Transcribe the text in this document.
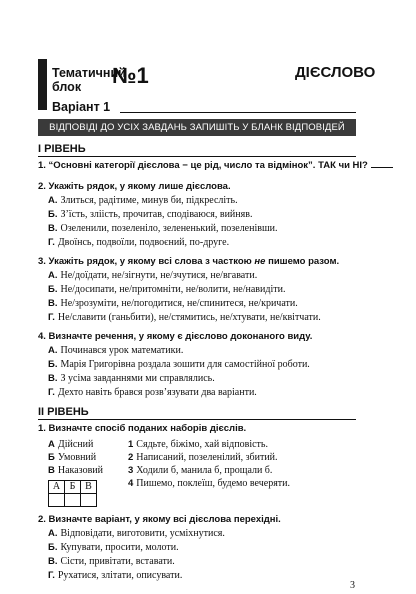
Тематичний
блок	№1	ДІЄСЛОВО
Варіант 1
ВІДПОВІДІ ДО УСІХ ЗАВДАНЬ ЗАПИШІТЬ У БЛАНК ВІДПОВІДЕЙ
І РІВЕНЬ
1. “Основні категорії дієслова − це рід, число та відмінок”. ТАК чи НІ?
2. Укажіть рядок, у якому лише дієслова.
А. Злиться, радітиме, минув би, підкресліть.
Б. З’їсть, зліість, прочитав, сподіваюся, вийняв.
В. Озеленили, позеленіло, зелененький, позеленівши.
Г. Двоїнсь, подвоїли, подвоєний, по-друге.
3. Укажіть рядок, у якому всі слова з часткою не пишемо разом.
А. Не/доїдати, не/зігнути, не/зчутися, не/вгавати.
Б. Не/досипати, не/притомніти, не/волити, не/навидіти.
В. Не/зрозуміти, не/погодитися, не/спинитеся, не/кричати.
Г. Не/славити (ганьбити), не/стямитись, не/хтувати, не/квітчати.
4. Визначте речення, у якому є дієслово доконаного виду.
А. Починався урок математики.
Б. Марія Григорівна роздала зошити для самостійної роботи.
В. З усіма завданнями ми справлялись.
Г. Дехто навіть брався розв’язувати два варіанти.
ІІ РІВЕНЬ
1. Визначте спосіб поданих наборів дієслів.
А Дійсний
Б Умовний
В Наказовий
1 Сядьте, біжімо, хай відповість.
2 Написаний, позеленілий, збитий.
3 Ходили б, манила б, прощали б.
4 Пишемо, поклеїш, будемо вечеряти.
А	Б	В

2. Визначте варіант, у якому всі дієслова перехідні.
А. Відповідати, виготовити, усміхнутися.
Б. Купувати, просити, молоти.
В. Сісти, привітати, вставати.
Г. Рухатися, злітати, описувати.
3
